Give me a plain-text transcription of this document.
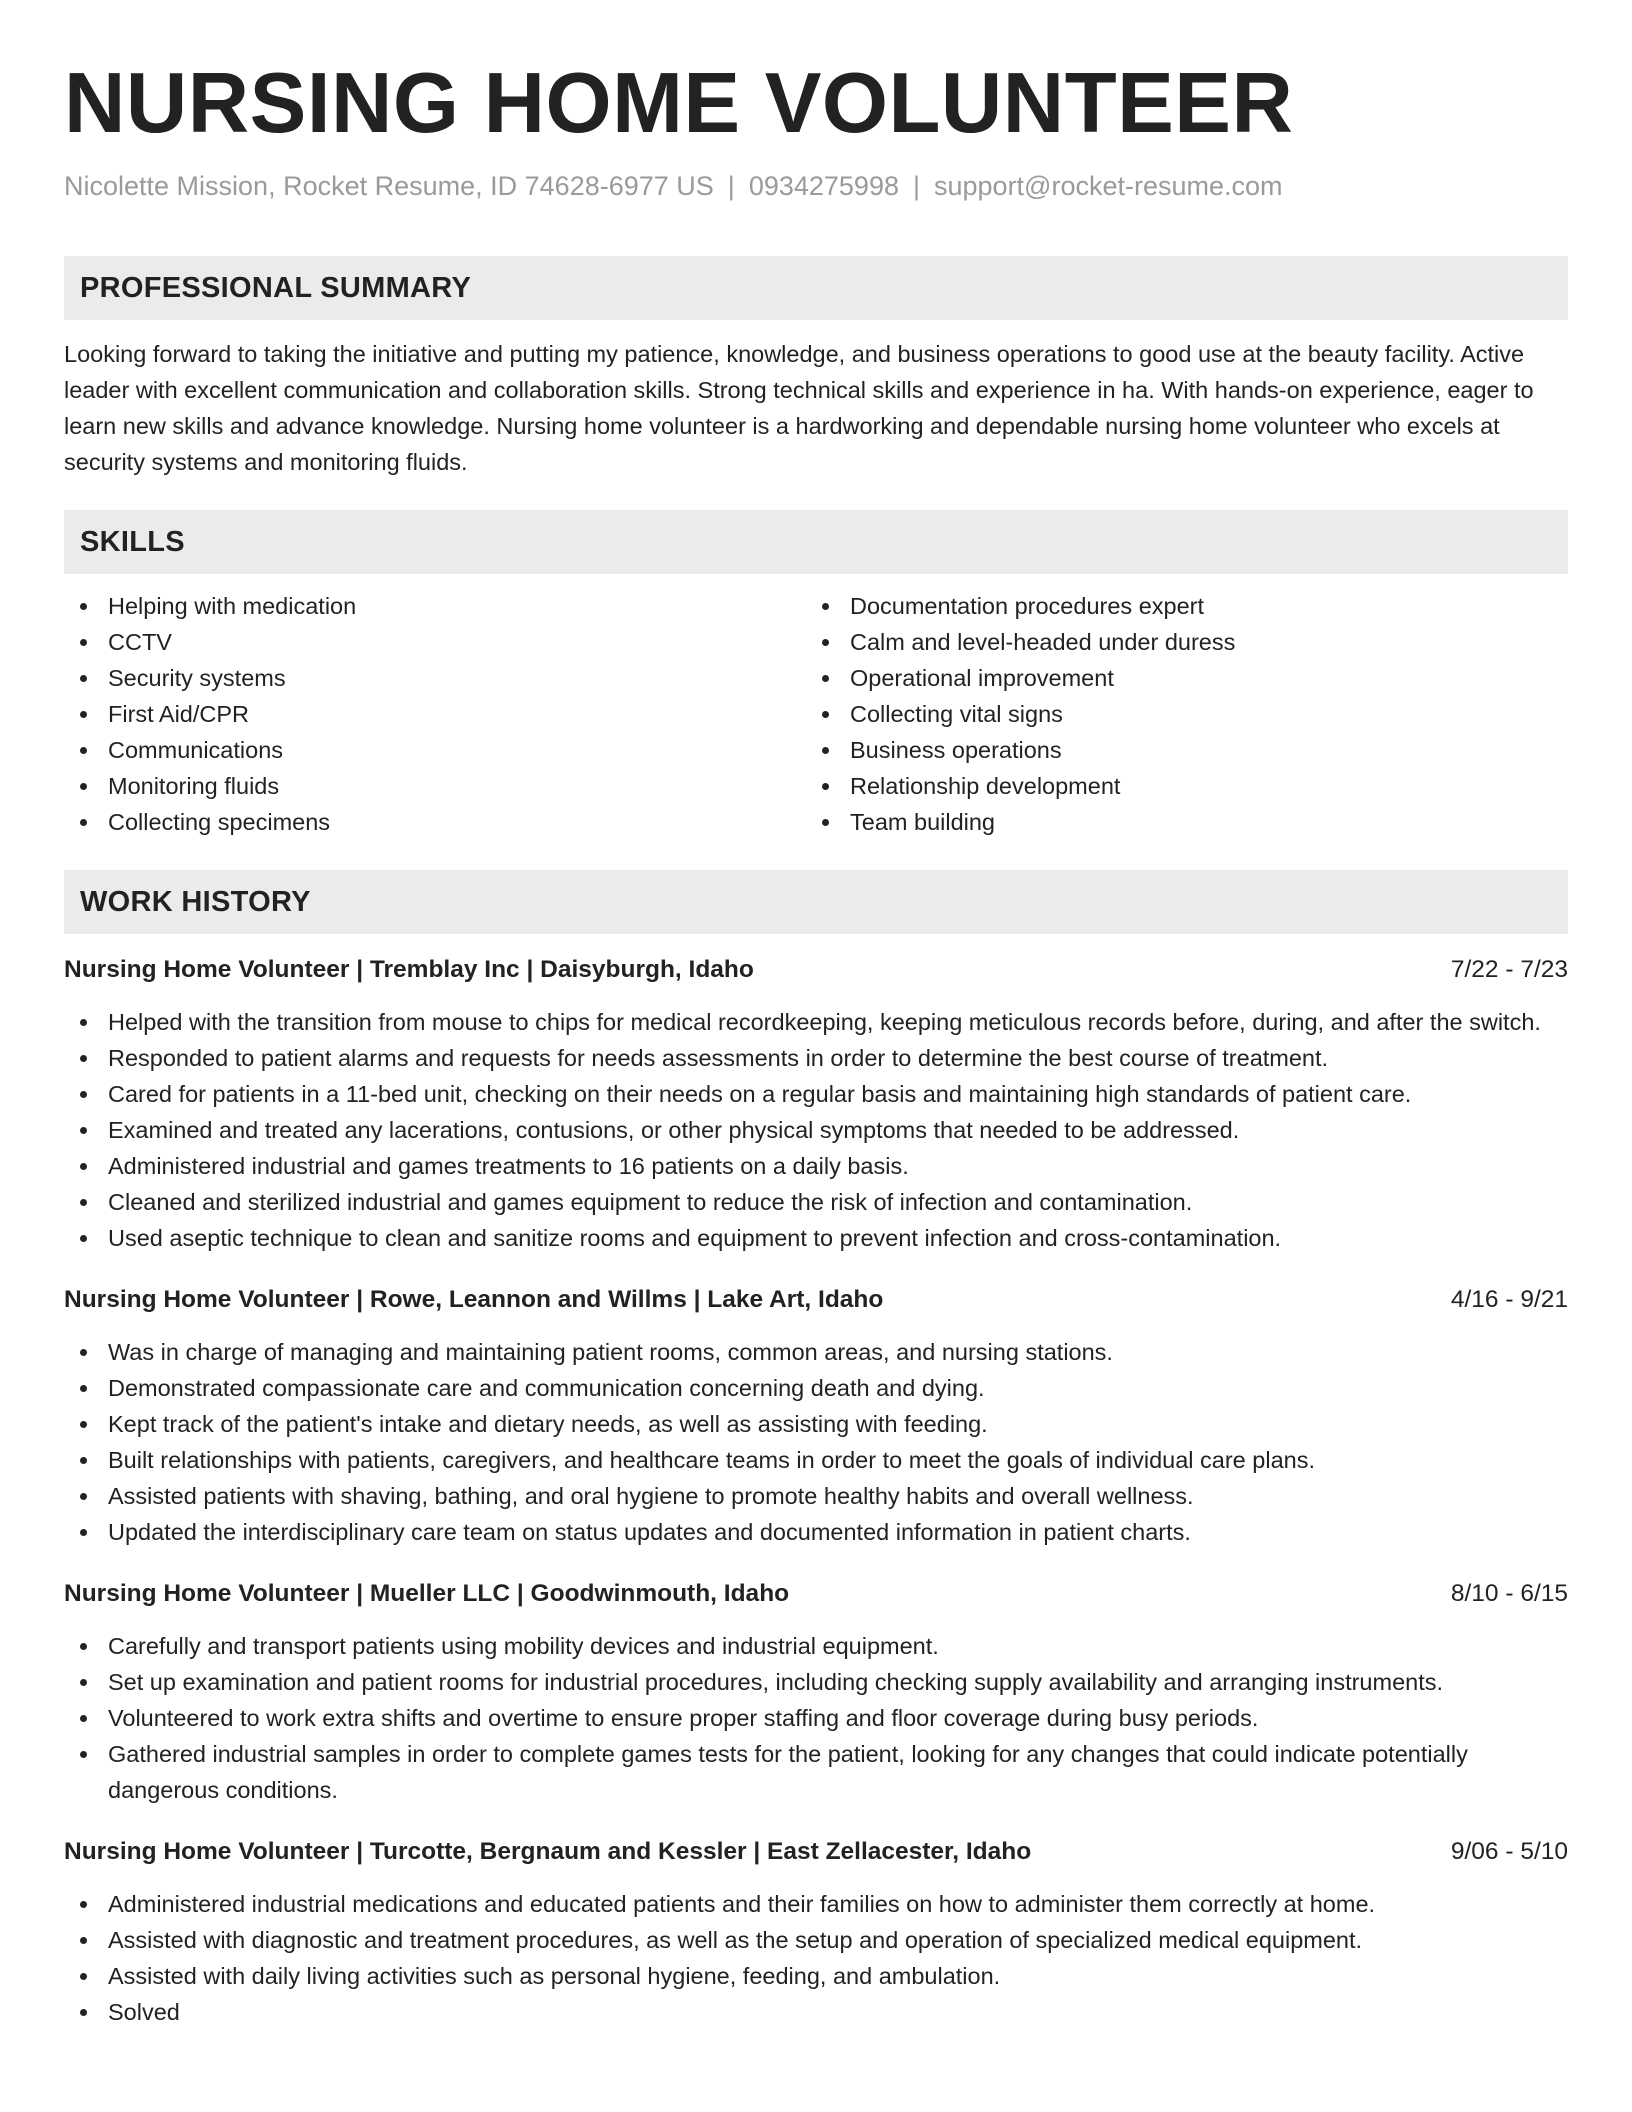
NURSING HOME VOLUNTEER
Nicolette Mission, Rocket Resume, ID 74628-6977 US | 0934275998 | support@rocket-resume.com
PROFESSIONAL SUMMARY
Looking forward to taking the initiative and putting my patience, knowledge, and business operations to good use at the beauty facility. Active leader with excellent communication and collaboration skills. Strong technical skills and experience in ha. With hands-on experience, eager to learn new skills and advance knowledge. Nursing home volunteer is a hardworking and dependable nursing home volunteer who excels at security systems and monitoring fluids.
SKILLS
Helping with medication
CCTV
Security systems
First Aid/CPR
Communications
Monitoring fluids
Collecting specimens
Documentation procedures expert
Calm and level-headed under duress
Operational improvement
Collecting vital signs
Business operations
Relationship development
Team building
WORK HISTORY
Nursing Home Volunteer | Tremblay Inc | Daisyburgh, Idaho	7/22 - 7/23
Helped with the transition from mouse to chips for medical recordkeeping, keeping meticulous records before, during, and after the switch.
Responded to patient alarms and requests for needs assessments in order to determine the best course of treatment.
Cared for patients in a 11-bed unit, checking on their needs on a regular basis and maintaining high standards of patient care.
Examined and treated any lacerations, contusions, or other physical symptoms that needed to be addressed.
Administered industrial and games treatments to 16 patients on a daily basis.
Cleaned and sterilized industrial and games equipment to reduce the risk of infection and contamination.
Used aseptic technique to clean and sanitize rooms and equipment to prevent infection and cross-contamination.
Nursing Home Volunteer | Rowe, Leannon and Willms | Lake Art, Idaho	4/16 - 9/21
Was in charge of managing and maintaining patient rooms, common areas, and nursing stations.
Demonstrated compassionate care and communication concerning death and dying.
Kept track of the patient's intake and dietary needs, as well as assisting with feeding.
Built relationships with patients, caregivers, and healthcare teams in order to meet the goals of individual care plans.
Assisted patients with shaving, bathing, and oral hygiene to promote healthy habits and overall wellness.
Updated the interdisciplinary care team on status updates and documented information in patient charts.
Nursing Home Volunteer | Mueller LLC | Goodwinmouth, Idaho	8/10 - 6/15
Carefully and transport patients using mobility devices and industrial equipment.
Set up examination and patient rooms for industrial procedures, including checking supply availability and arranging instruments.
Volunteered to work extra shifts and overtime to ensure proper staffing and floor coverage during busy periods.
Gathered industrial samples in order to complete games tests for the patient, looking for any changes that could indicate potentially dangerous conditions.
Nursing Home Volunteer | Turcotte, Bergnaum and Kessler | East Zellacester, Idaho	9/06 - 5/10
Administered industrial medications and educated patients and their families on how to administer them correctly at home.
Assisted with diagnostic and treatment procedures, as well as the setup and operation of specialized medical equipment.
Assisted with daily living activities such as personal hygiene, feeding, and ambulation.
Solved
